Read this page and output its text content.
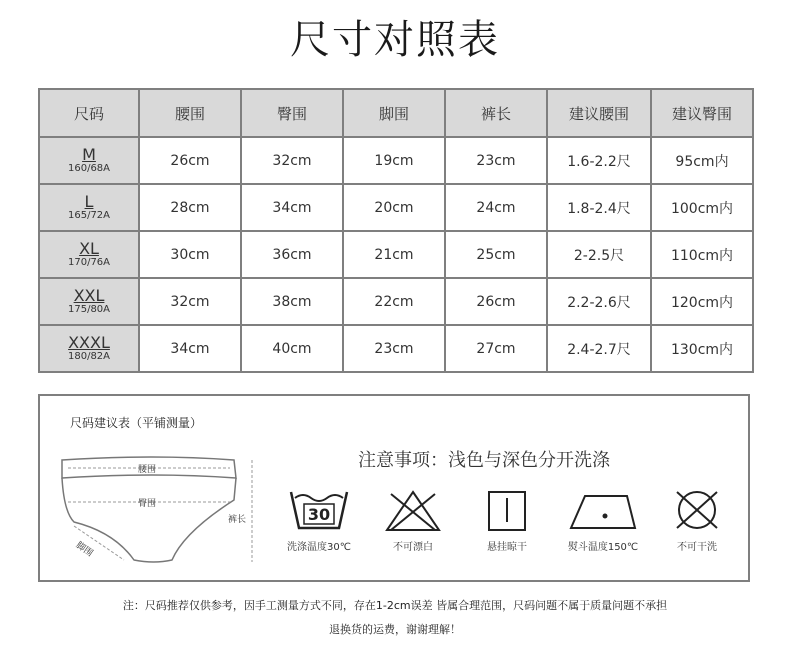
尺寸对照表
尺码	腰围	臀围	脚围	裤长	建议腰围	建议臀围

M
160/68A	26cm	32cm	19cm	23cm	1.6-2.2尺	95cm内

L
165/72A	28cm	34cm	20cm	24cm	1.8-2.4尺	100cm内

XL
170/76A	30cm	36cm	21cm	25cm	2-2.5尺	110cm内

XXL
175/80A	32cm	38cm	22cm	26cm	2.2-2.6尺	120cm内

XXXL
180/82A	34cm	40cm	23cm	27cm	2.4-2.7尺	130cm内
尺码建议表（平铺测量）
腰围
臀围
裤长
脚围
注意事项：浅色与深色分开洗涤
30
洗涤温度30℃	不可漂白	悬挂晾干	熨斗温度150℃	不可干洗
注：尺码推荐仅供参考，因手工测量方式不同，存在1-2cm误差 皆属合理范围，尺码问题不属于质量问题不承担
退换货的运费，谢谢理解！
